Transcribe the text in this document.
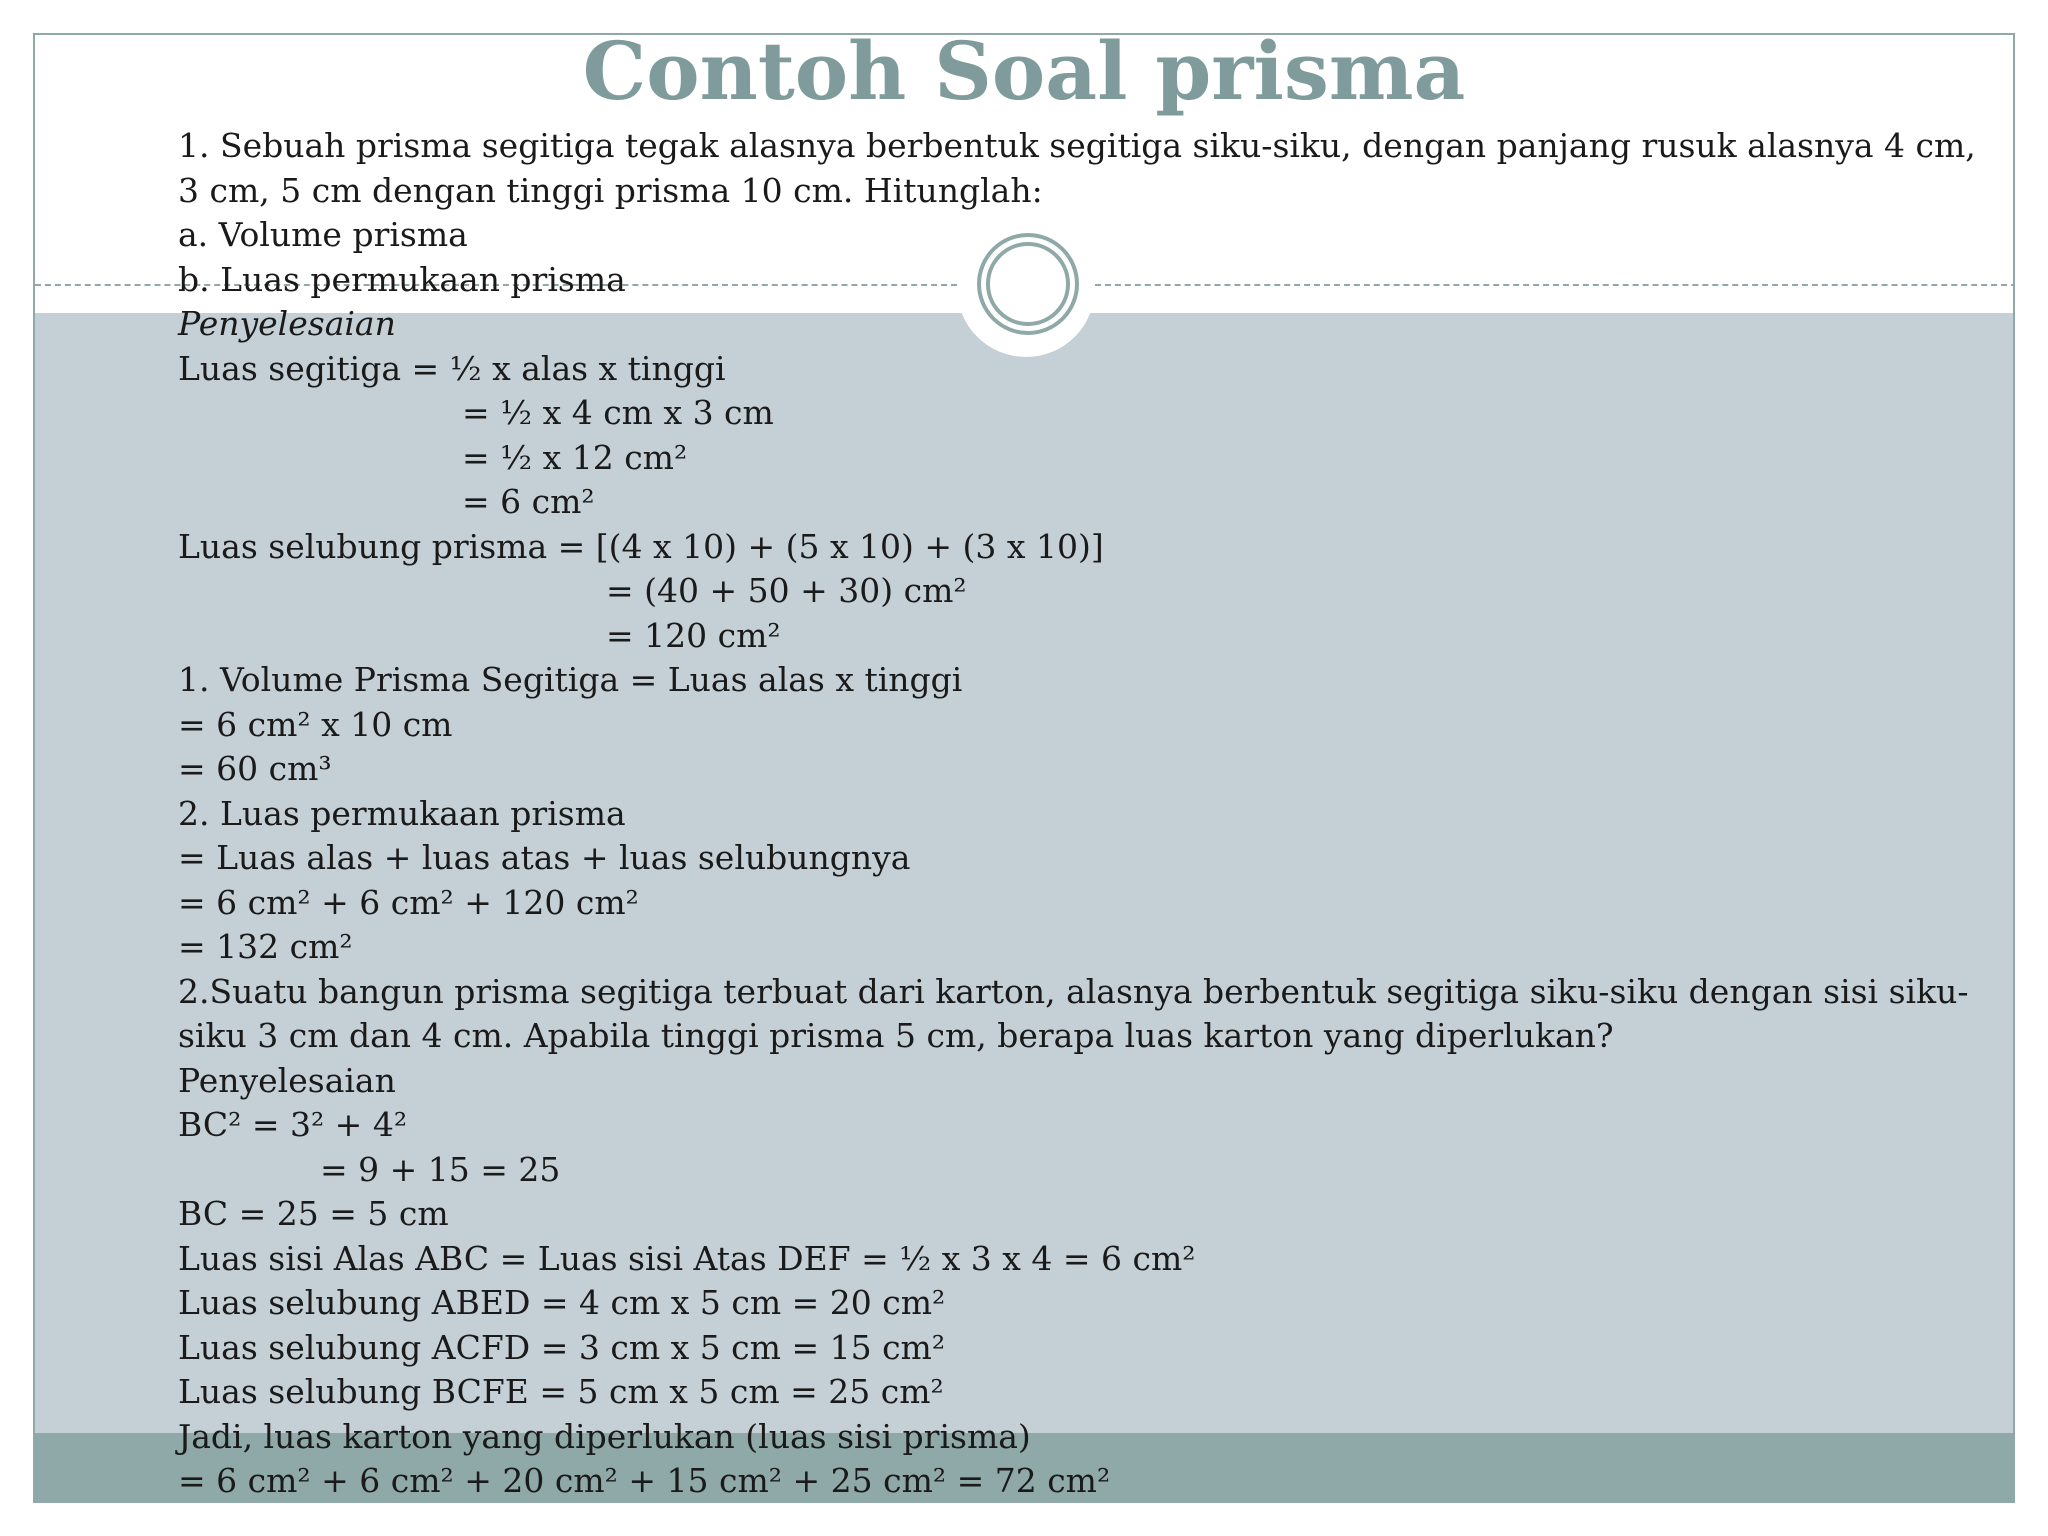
Contoh Soal prisma
1. Sebuah prisma segitiga tegak alasnya berbentuk segitiga siku-siku, dengan panjang rusuk alasnya 4 cm,
3 cm, 5 cm dengan tinggi prisma 10 cm. Hitunglah:
a. Volume prisma
b. Luas permukaan prisma
Penyelesaian
Luas segitiga = ½ x alas x tinggi
= ½ x 4 cm x 3 cm
= ½ x 12 cm²
= 6 cm²
Luas selubung prisma = [(4 x 10) + (5 x 10) + (3 x 10)]
= (40 + 50 + 30) cm²
= 120 cm²
1. Volume Prisma Segitiga = Luas alas x tinggi
= 6 cm² x 10 cm
= 60 cm³
2. Luas permukaan prisma
= Luas alas + luas atas + luas selubungnya
= 6 cm² + 6 cm² + 120 cm²
= 132 cm²
2.Suatu bangun prisma segitiga terbuat dari karton, alasnya berbentuk segitiga siku-siku dengan sisi siku-
siku 3 cm dan 4 cm. Apabila tinggi prisma 5 cm, berapa luas karton yang diperlukan?
Penyelesaian
BC² = 3² + 4²
= 9 + 15 = 25
BC = 25 = 5 cm
Luas sisi Alas ABC = Luas sisi Atas DEF = ½ x 3 x 4 = 6 cm²
Luas selubung ABED = 4 cm x 5 cm = 20 cm²
Luas selubung ACFD = 3 cm x 5 cm = 15 cm²
Luas selubung BCFE = 5 cm x 5 cm = 25 cm²
Jadi, luas karton yang diperlukan (luas sisi prisma)
= 6 cm² + 6 cm² + 20 cm² + 15 cm² + 25 cm² = 72 cm²
